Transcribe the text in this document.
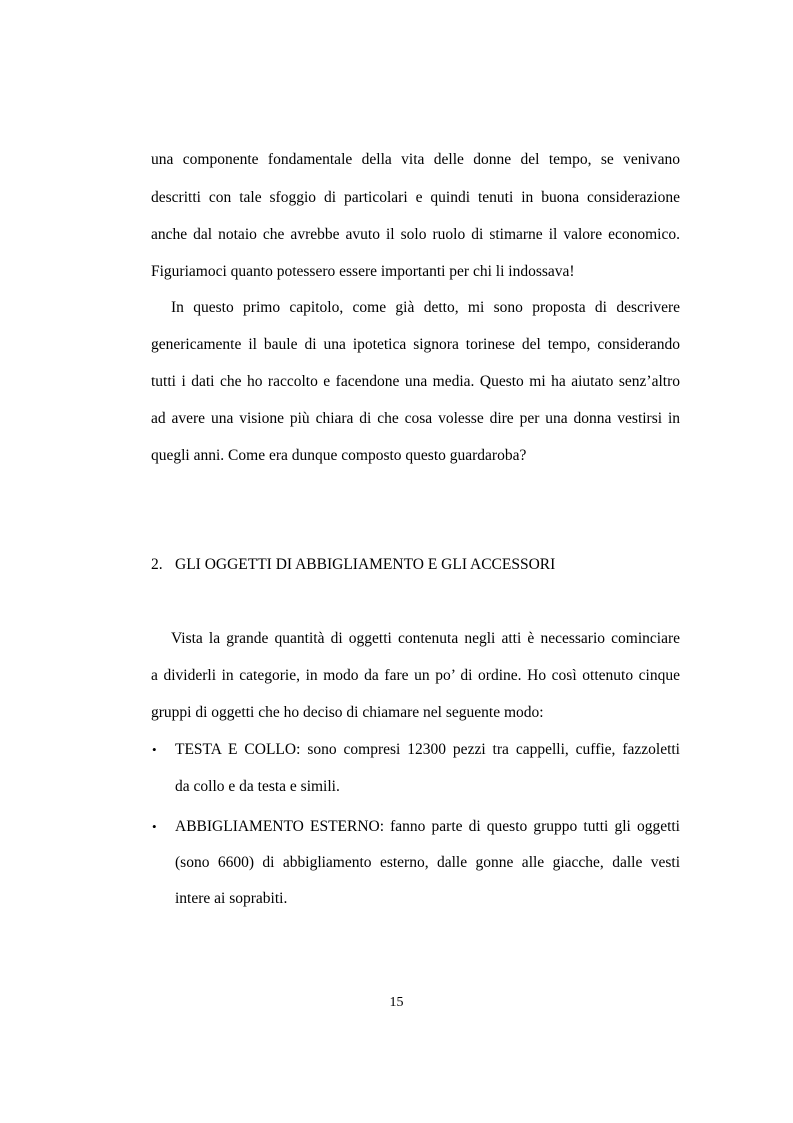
una componente fondamentale della vita delle donne del tempo, se venivano
descritti con tale sfoggio di particolari e quindi tenuti in buona considerazione
anche dal notaio che avrebbe avuto il solo ruolo di stimarne il valore economico.
Figuriamoci quanto potessero essere importanti per chi li indossava!
In questo primo capitolo, come già detto, mi sono proposta di descrivere
genericamente il baule di una ipotetica signora torinese del tempo, considerando
tutti i dati che ho raccolto e facendone una media. Questo mi ha aiutato senz’altro
ad avere una visione più chiara di che cosa volesse dire per una donna vestirsi in
quegli anni. Come era dunque composto questo guardaroba?
2. GLI OGGETTI DI ABBIGLIAMENTO E GLI ACCESSORI
Vista la grande quantità di oggetti contenuta negli atti è necessario cominciare
a dividerli in categorie, in modo da fare un po’ di ordine. Ho così ottenuto cinque
gruppi di oggetti che ho deciso di chiamare nel seguente modo:
• TESTA E COLLO: sono compresi 12300 pezzi tra cappelli, cuffie, fazzoletti
da collo e da testa e simili.
• ABBIGLIAMENTO ESTERNO: fanno parte di questo gruppo tutti gli oggetti
(sono 6600) di abbigliamento esterno, dalle gonne alle giacche, dalle vesti
intere ai soprabiti.
15
